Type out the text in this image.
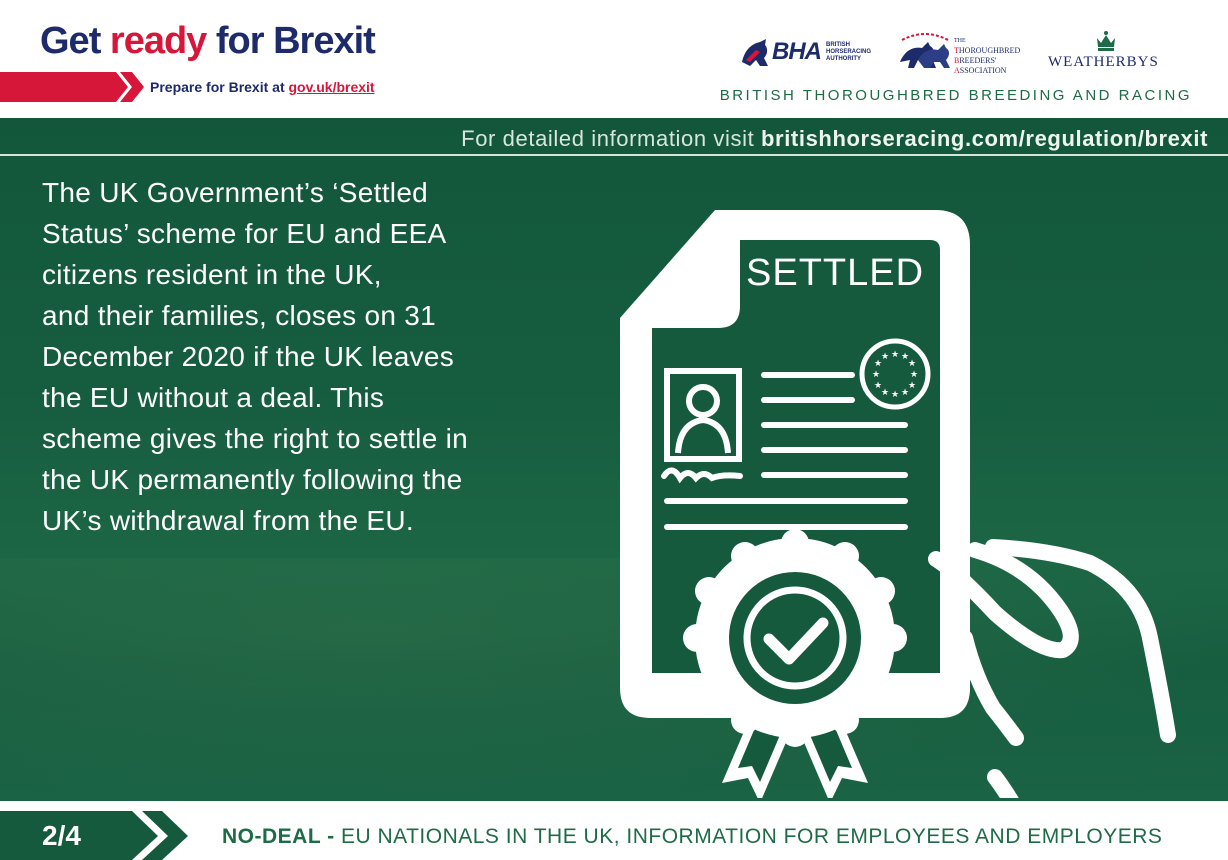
Get ready for Brexit
Prepare for Brexit at gov.uk/brexit
BHA BRITISH HORSERACING AUTHORITY
THE
THOROUGHBRED
BREEDERS'
ASSOCIATION
WEATHERBYS
BRITISH THOROUGHBRED BREEDING AND RACING
For detailed information visit britishhorseracing.com/regulation/brexit
The UK Government’s ‘Settled
Status’ scheme for EU and EEA
citizens resident in the UK,
and their families, closes on 31
December 2020 if the UK leaves
the EU without a deal. This
scheme gives the right to settle in
the UK permanently following the
UK’s withdrawal from the EU.
★ ★
★
★
★
★
★
★
★
★
★
★
SETTLED
2/4	NO-DEAL - EU NATIONALS IN THE UK, INFORMATION FOR EMPLOYEES AND EMPLOYERS
